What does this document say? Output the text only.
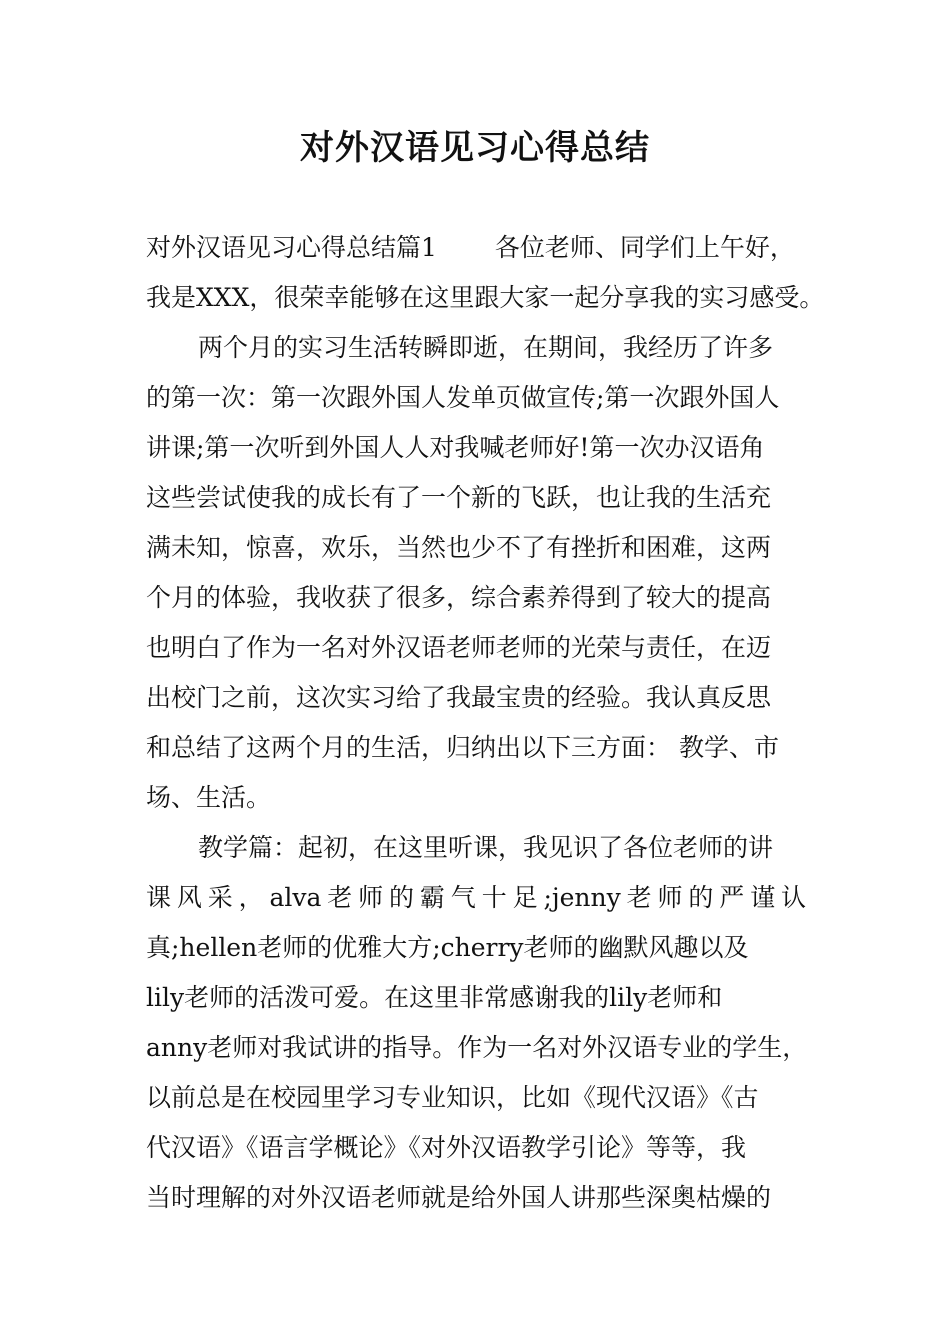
对外汉语见习心得总结
对外汉语见习心得总结篇1 各位老师、同学们上午好，
我是XXX，很荣幸能够在这里跟大家一起分享我的实习感受。
两个月的实习生活转瞬即逝，在期间，我经历了许多
的第一次：第一次跟外国人发单页做宣传;第一次跟外国人
讲课;第一次听到外国人人对我喊老师好!第一次办汉语角
这些尝试使我的成长有了一个新的飞跃，也让我的生活充
满未知，惊喜，欢乐，当然也少不了有挫折和困难，这两
个月的体验，我收获了很多，综合素养得到了较大的提高
也明白了作为一名对外汉语老师老师的光荣与责任，在迈
出校门之前，这次实习给了我最宝贵的经验。我认真反思
和总结了这两个月的生活，归纳出以下三方面： 教学、市
场、生活。
教学篇：起初，在这里听课，我见识了各位老师的讲
课风采，alva老师的霸气十足;jenny老师的严谨认
真;hellen老师的优雅大方;cherry老师的幽默风趣以及
lily老师的活泼可爱。在这里非常感谢我的lily老师和
anny老师对我试讲的指导。作为一名对外汉语专业的学生，
以前总是在校园里学习专业知识，比如《现代汉语》《古
代汉语》《语言学概论》《对外汉语教学引论》等等，我
当时理解的对外汉语老师就是给外国人讲那些深奥枯燥的
